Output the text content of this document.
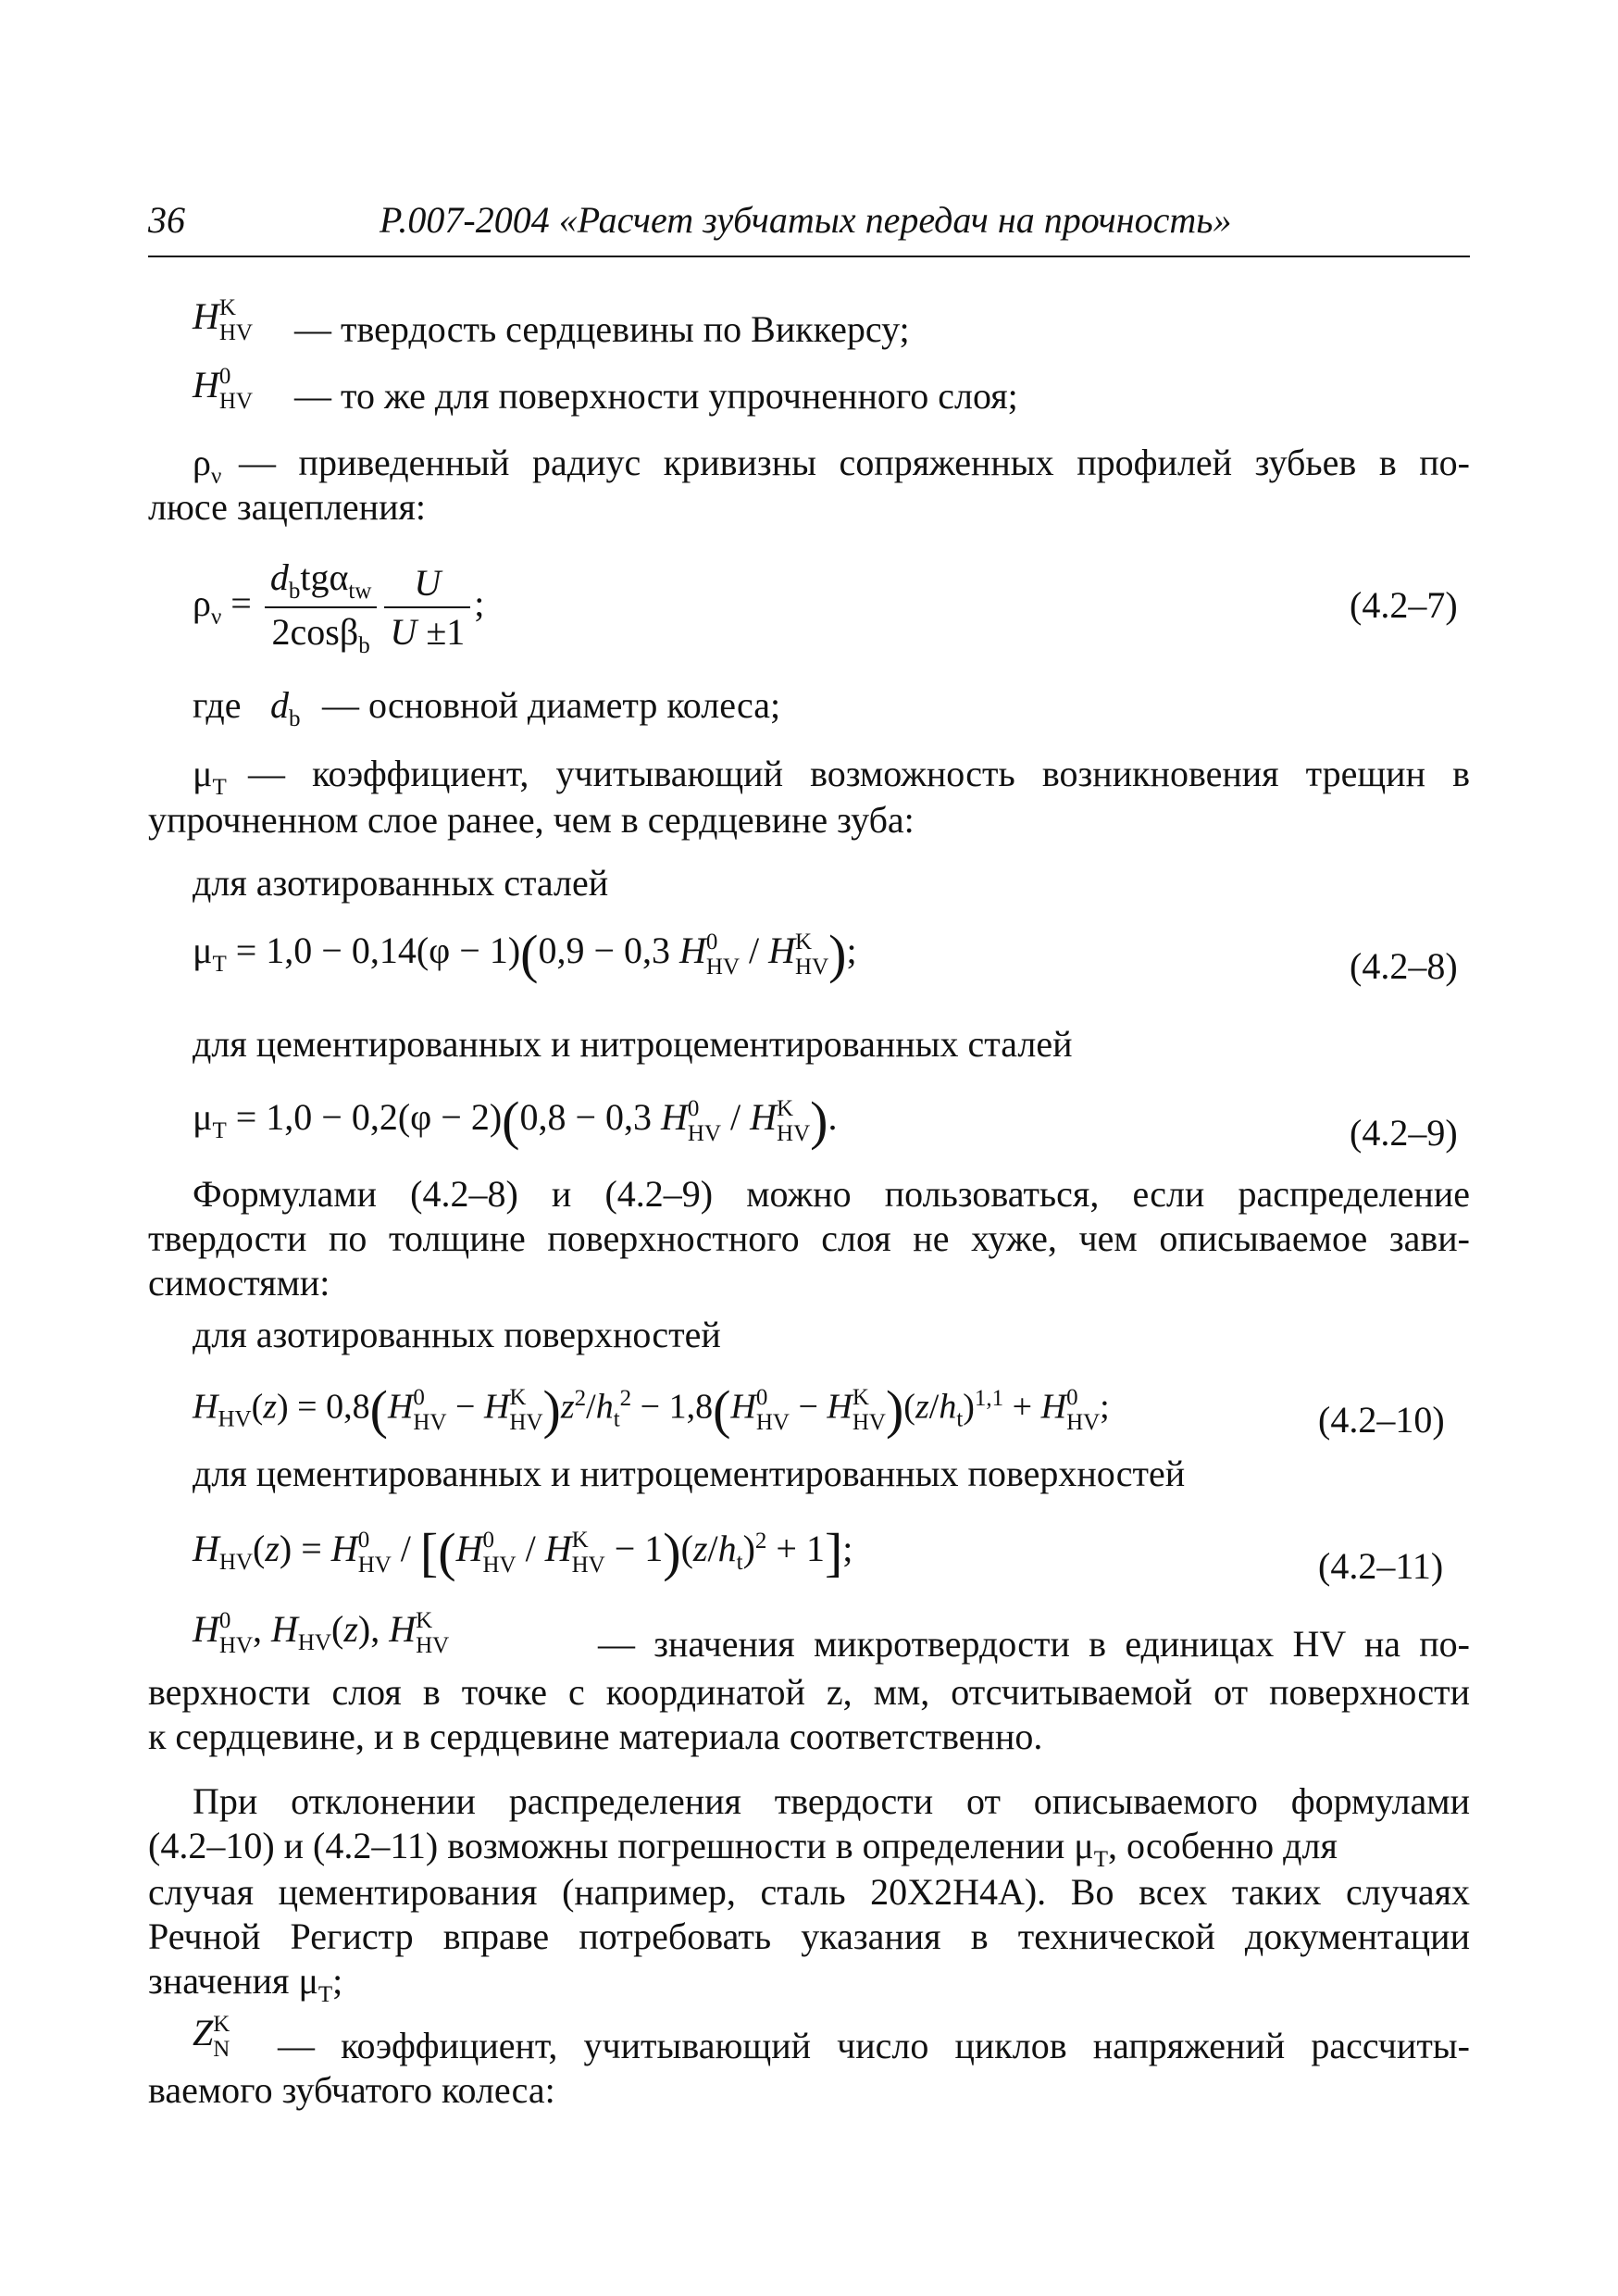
36	Р.007-2004 «Расчет зубчатых передач на прочность»
H K
HV — твердость сердцевины по Виккерсу;
H 0
HV — то же для поверхности упрочненного слоя;
$\rho_\nu$ — приведенный радиус кривизны сопряженных профилей зубьев в по-
люсе зацепления:
$\rho_\nu = \frac{d_btg\alpha_{tw}}{2\cos\beta_b} \frac{U}{U \pm 1}$ ;	(4.2–7)
где $d_b$ — основной диаметр колеса;
$\mu_T$ — коэффициент, учитывающий возможность возникновения трещин в
упрочненном слое ранее, чем в сердцевине зуба:
для азотированных сталей
$\mu_T = 1,0 - 0,14(\varphi - 1)(0,9 - 0,3$ H 0
HV / H K
HV );	(4.2–8)
для цементированных и нитроцементированных сталей
$\mu_T = 1,0 - 0,2(\varphi - 2)(0,8 - 0,3$ H 0
HV / H K
HV ).	(4.2–9)
Формулами (4.2–8) и (4.2–9) можно пользоваться, если распределение
твердости по толщине поверхностного слоя не хуже, чем описываемое зави-
симостями:
для азотированных поверхностей
$H_{HV}(z) = 0,8(H$ 0
HV − H K
HV )$z^2/h_t^2 - 1,8(H$ 0
HV − H K
HV )$(z/h_t)^{1,1} + H$ 0
HV ;	(4.2–10)
для цементированных и нитроцементированных поверхностей
$H_{HV}(z) = H$ 0
HV / [(H 0
HV / H K
HV − $1)(z/h_t)^2 + 1$];	(4.2–11)
H 0
HV , $H_{HV}(z)$, H K
HV	— значения микротвердости в единицах HV на по-
верхности слоя в точке с координатой z, мм, отсчитываемой от поверхности
к сердцевине, и в сердцевине материала соответственно.
При отклонении распределения твердости от описываемого формулами
(4.2–10) и (4.2–11) возможны погрешности в определении $\mu_T$, особенно для
случая цементирования (например, сталь 20Х2Н4А). Во всех таких случаях
Речной Регистр вправе потребовать указания в технической документации
значения $\mu_T$;
Z K
N — коэффициент, учитывающий число циклов напряжений рассчиты-
ваемого зубчатого колеса:
